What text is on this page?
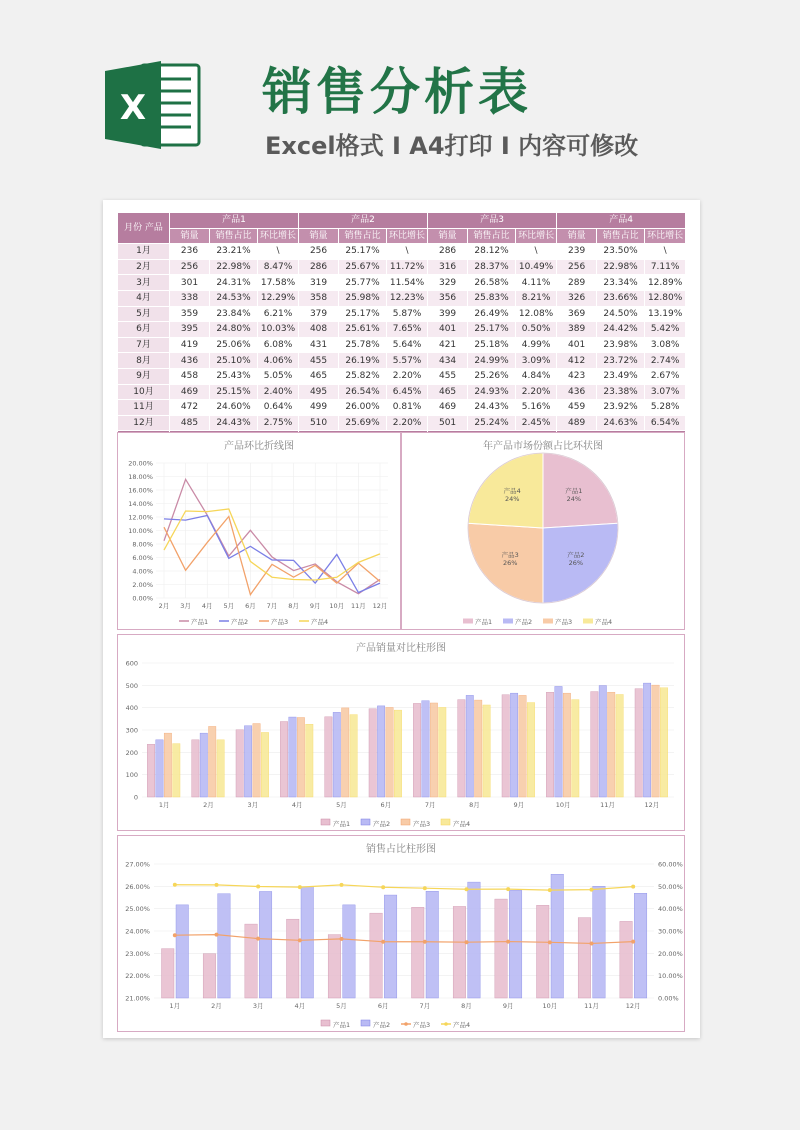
X 销售分析表
Excel格式 I A4打印 I 内容可修改
月份 产品	产品1			产品2			产品3			产品4		
	销量	销售占比	环比增长	销量	销售占比	环比增长	销量	销售占比	环比增长	销量	销售占比	环比增长
1月	236	23.21%	\	256	25.17%	\	286	28.12%	\	239	23.50%	\
2月	256	22.98%	8.47%	286	25.67%	11.72%	316	28.37%	10.49%	256	22.98%	7.11%
3月	301	24.31%	17.58%	319	25.77%	11.54%	329	26.58%	4.11%	289	23.34%	12.89%
4月	338	24.53%	12.29%	358	25.98%	12.23%	356	25.83%	8.21%	326	23.66%	12.80%
5月	359	23.84%	6.21%	379	25.17%	5.87%	399	26.49%	12.08%	369	24.50%	13.19%
6月	395	24.80%	10.03%	408	25.61%	7.65%	401	25.17%	0.50%	389	24.42%	5.42%
7月	419	25.06%	6.08%	431	25.78%	5.64%	421	25.18%	4.99%	401	23.98%	3.08%
8月	436	25.10%	4.06%	455	26.19%	5.57%	434	24.99%	3.09%	412	23.72%	2.74%
9月	458	25.43%	5.05%	465	25.82%	2.20%	455	25.26%	4.84%	423	23.49%	2.67%
10月	469	25.15%	2.40%	495	26.54%	6.45%	465	24.93%	2.20%	436	23.38%	3.07%
11月	472	24.60%	0.64%	499	26.00%	0.81%	469	24.43%	5.16%	459	23.92%	5.28%
12月	485	24.43%	2.75%	510	25.69%	2.20%	501	25.24%	2.45%	489	24.63%	6.54%

产品环比折线图
0.00%
2.00%
4.00%
6.00%
8.00%
10.00%
12.00%
14.00%
16.00%
18.00%
20.00%
2月 3月 4月 5月 6月 7月 8月 9月 10月 11月 12月
产品1	产品2	产品3	产品4
年产品市场份额占比环状图
产品1
24%
产品2
26%
产品3
26%
产品4
24%
产品1	产品2	产品3	产品4
产品销量对比柱形图
0
100
200
300
400
500
600
1月	2月	3月	4月	5月	6月	7月	8月	9月	10月	11月	12月
产品1	产品2	产品3	产品4
销售占比柱形图
21.00%
22.00%
23.00%
24.00%
25.00%
26.00%
27.00%
0.00%
10.00%
20.00%
30.00%
40.00%
50.00%
60.00%
1月	2月	3月	4月	5月	6月	7月	8月	9月	10月	11月	12月
产品1	产品2	产品3	产品4
